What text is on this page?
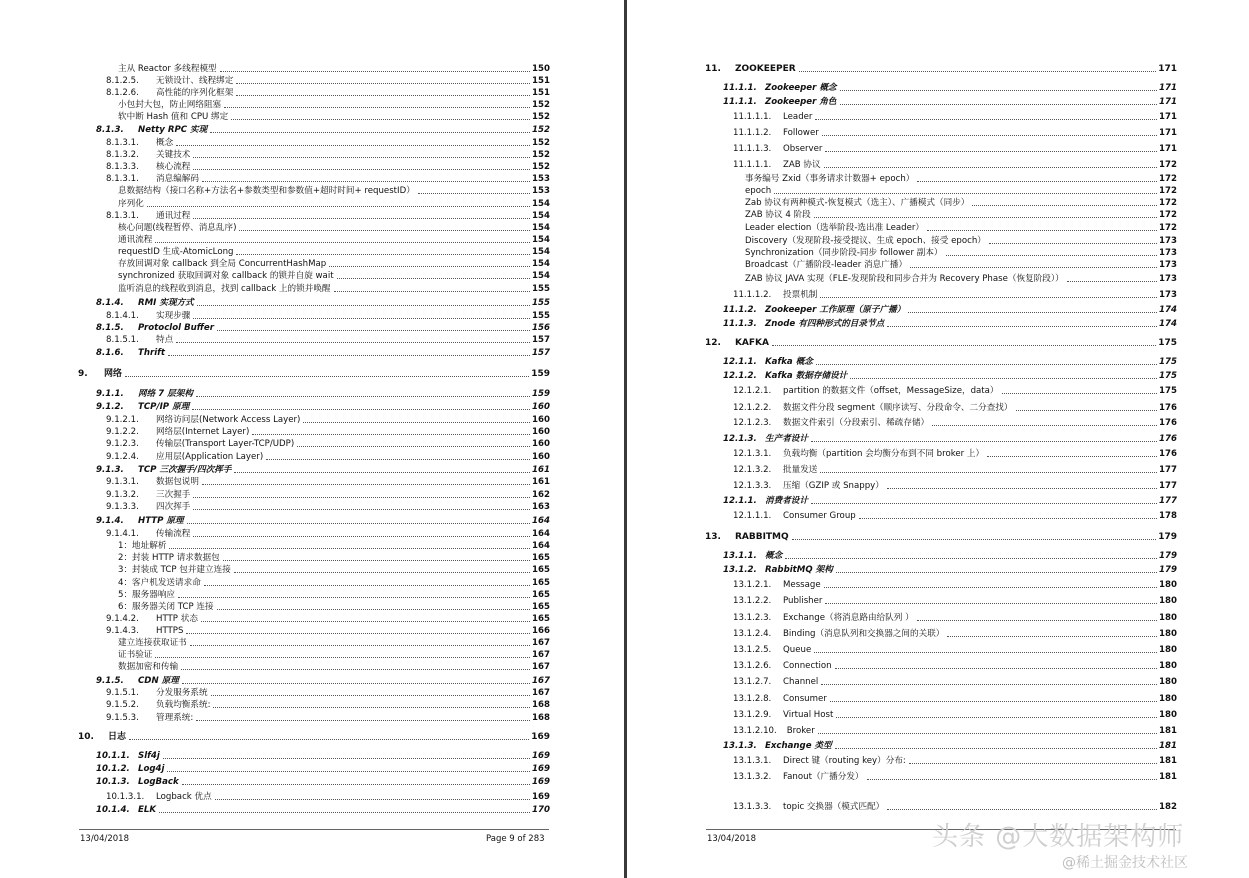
主从 Reactor 多线程模型	150
8.1.2.5.	无锁设计、线程绑定	151
8.1.2.6.	高性能的序列化框架	151
小包封大包，防止网络阻塞	152
软中断 Hash 值和 CPU 绑定	152
8.1.3.	Netty RPC 实现	152
8.1.3.1.	概念	152
8.1.3.2.	关键技术	152
8.1.3.3.	核心流程	152
8.1.3.1.	消息编解码	153
息数据结构（接口名称+方法名+参数类型和参数值+超时时间+ requestID）	153
序列化	154
8.1.3.1.	通讯过程	154
核心问题(线程暂停、消息乱序)	154
通讯流程	154
requestID 生成-AtomicLong	154
存放回调对象 callback 到全局 ConcurrentHashMap	154
synchronized 获取回调对象 callback 的锁并自旋 wait	154
监听消息的线程收到消息，找到 callback 上的锁并唤醒	155
8.1.4.	RMI 实现方式	155
8.1.4.1.	实现步骤	155
8.1.5.	Protoclol Buffer	156
8.1.5.1.	特点	157
8.1.6.	Thrift	157
9. 网络	159
9.1.1.	网络 7 层架构	159
9.1.2.	TCP/IP 原理	160
9.1.2.1.	网络访问层(Network Access Layer)	160
9.1.2.2.	网络层(Internet Layer)	160
9.1.2.3.	传输层(Transport Layer-TCP/UDP)	160
9.1.2.4.	应用层(Application Layer)	160
9.1.3.	TCP 三次握手/四次挥手	161
9.1.3.1.	数据包说明	161
9.1.3.2.	三次握手	162
9.1.3.3.	四次挥手	163
9.1.4.	HTTP 原理	164
9.1.4.1.	传输流程	164
1：地址解析	164
2：封装 HTTP 请求数据包	165
3：封装成 TCP 包并建立连接	165
4：客户机发送请求命	165
5：服务器响应	165
6：服务器关闭 TCP 连接	165
9.1.4.2.	HTTP 状态	165
9.1.4.3.	HTTPS	166
建立连接获取证书	167
证书验证	167
数据加密和传输	167
9.1.5.	CDN 原理	167
9.1.5.1.	分发服务系统	167
9.1.5.2.	负载均衡系统:	168
9.1.5.3.	管理系统:	168
10. 日志	169
10.1.1. Slf4j	169
10.1.2. Log4j	169
10.1.3. LogBack	169
10.1.3.1. Logback 优点	169
10.1.4. ELK	170
13/04/2018	Page 9 of 283
11. ZOOKEEPER	171
11.1.1. Zookeeper 概念	171
11.1.1. Zookeeper 角色	171
11.1.1.1. Leader	171
11.1.1.2. Follower	171
11.1.1.3. Observer	171
11.1.1.1. ZAB 协议	172
事务编号 Zxid（事务请求计数器+ epoch）	172
epoch	172
Zab 协议有两种模式-恢复模式（选主）、广播模式（同步）	172
ZAB 协议 4 阶段	172
Leader election（选举阶段-选出准 Leader）	172
Discovery（发现阶段-接受提议、生成 epoch、接受 epoch）	173
Synchronization（同步阶段-同步 follower 副本）	173
Broadcast（广播阶段-leader 消息广播）	173
ZAB 协议 JAVA 实现（FLE-发现阶段和同步合并为 Recovery Phase（恢复阶段））	173
11.1.1.2. 投票机制	173
11.1.2. Zookeeper 工作原理（原子广播）	174
11.1.3. Znode 有四种形式的目录节点	174
12. KAFKA	175
12.1.1. Kafka 概念	175
12.1.2. Kafka 数据存储设计	175
12.1.2.1. partition 的数据文件（offset，MessageSize，data）	175
12.1.2.2. 数据文件分段 segment（顺序读写、分段命令、二分查找）	176
12.1.2.3. 数据文件索引（分段索引、稀疏存储）	176
12.1.3. 生产者设计	176
12.1.3.1. 负载均衡（partition 会均衡分布到不同 broker 上）	176
12.1.3.2. 批量发送	177
12.1.3.3. 压缩（GZIP 或 Snappy）	177
12.1.1. 消费者设计	177
12.1.1.1. Consumer Group	178
13. RABBITMQ	179
13.1.1. 概念	179
13.1.2. RabbitMQ 架构	179
13.1.2.1. Message	180
13.1.2.2. Publisher	180
13.1.2.3. Exchange（将消息路由给队列 ）	180
13.1.2.4. Binding（消息队列和交换器之间的关联）	180
13.1.2.5. Queue	180
13.1.2.6. Connection	180
13.1.2.7. Channel	180
13.1.2.8. Consumer	180
13.1.2.9. Virtual Host	180
13.1.2.10. Broker	181
13.1.3. Exchange 类型	181
13.1.3.1. Direct 键（routing key）分布:	181
13.1.3.2. Fanout（广播分发）	181
13.1.3.3. topic 交换器（模式匹配）	182
13/04/2018	头条 @大数据架构师
@稀土掘金技术社区
